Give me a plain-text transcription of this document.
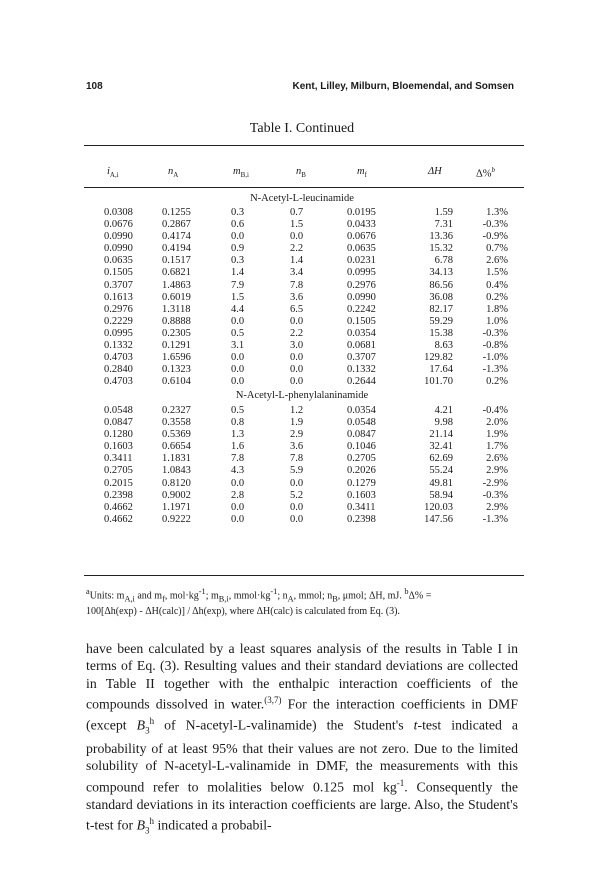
108	Kent, Lilley, Milburn, Bloemendal, and Somsen
Table I. Continued
$i_{A,i}$	$n_A$	$m_{B,i}$	$n_B$	$m_f$	ΔH	Δ%$^b$
N-Acetyl-L-leucinamide
0.0308	0.1255	0.3	0.7	0.0195	1.59	1.3%
0.0676	0.2867	0.6	1.5	0.0433	7.31	-0.3%
0.0990	0.4174	0.0	0.0	0.0676	13.36	-0.9%
0.0990	0.4194	0.9	2.2	0.0635	15.32	0.7%
0.0635	0.1517	0.3	1.4	0.0231	6.78	2.6%
0.1505	0.6821	1.4	3.4	0.0995	34.13	1.5%
0.3707	1.4863	7.9	7.8	0.2976	86.56	0.4%
0.1613	0.6019	1.5	3.6	0.0990	36.08	0.2%
0.2976	1.3118	4.4	6.5	0.2242	82.17	1.8%
0.2229	0.8888	0.0	0.0	0.1505	59.29	1.0%
0.0995	0.2305	0.5	2.2	0.0354	15.38	-0.3%
0.1332	0.1291	3.1	3.0	0.0681	8.63	-0.8%
0.4703	1.6596	0.0	0.0	0.3707	129.82	-1.0%
0.2840	0.1323	0.0	0.0	0.1332	17.64	-1.3%
0.4703	0.6104	0.0	0.0	0.2644	101.70	0.2%
N-Acetyl-L-phenylalaninamide
0.0548	0.2327	0.5	1.2	0.0354	4.21	-0.4%
0.0847	0.3558	0.8	1.9	0.0548	9.98	2.0%
0.1280	0.5369	1.3	2.9	0.0847	21.14	1.9%
0.1603	0.6654	1.6	3.6	0.1046	32.41	1.7%
0.3411	1.1831	7.8	7.8	0.2705	62.69	2.6%
0.2705	1.0843	4.3	5.9	0.2026	55.24	2.9%
0.2015	0.8120	0.0	0.0	0.1279	49.81	-2.9%
0.2398	0.9002	2.8	5.2	0.1603	58.94	-0.3%
0.4662	1.1971	0.0	0.0	0.3411	120.03	2.9%
0.4662	0.9222	0.0	0.0	0.2398	147.56	-1.3%
$^a$Units: $m_{A,i}$ and $m_f$, $mol\cdot kg^{-1}$; $m_{B,i}$, $mmol\cdot kg^{-1}$; $n_A$, mmol; $n_B$, μmol; ΔH, mJ. $^b$Δ% =
100[Δh(exp) - ΔH(calc)] / Δh(exp), where ΔH(calc) is calculated from Eq. (3).
have been calculated by a least squares analysis of the results in Table I in terms of Eq. (3). Resulting values and their standard deviations are collected in Table II together with the enthalpic interaction coefficients of the compounds dissolved in water.$^{(3,7)}$ For the interaction coefficients in DMF (except $B_3^h$ of N-acetyl-L-valinamide) the Student's t-test indicated a probability of at least 95% that their values are not zero. Due to the limited solubility of N-acetyl-L-valinamide in DMF, the measurements with this compound refer to molalities below 0.125 mol $kg^{-1}$. Consequently the standard deviations in its interaction coefficients are large. Also, the Student's t-test for $B_3^h$ indicated a probabil-
